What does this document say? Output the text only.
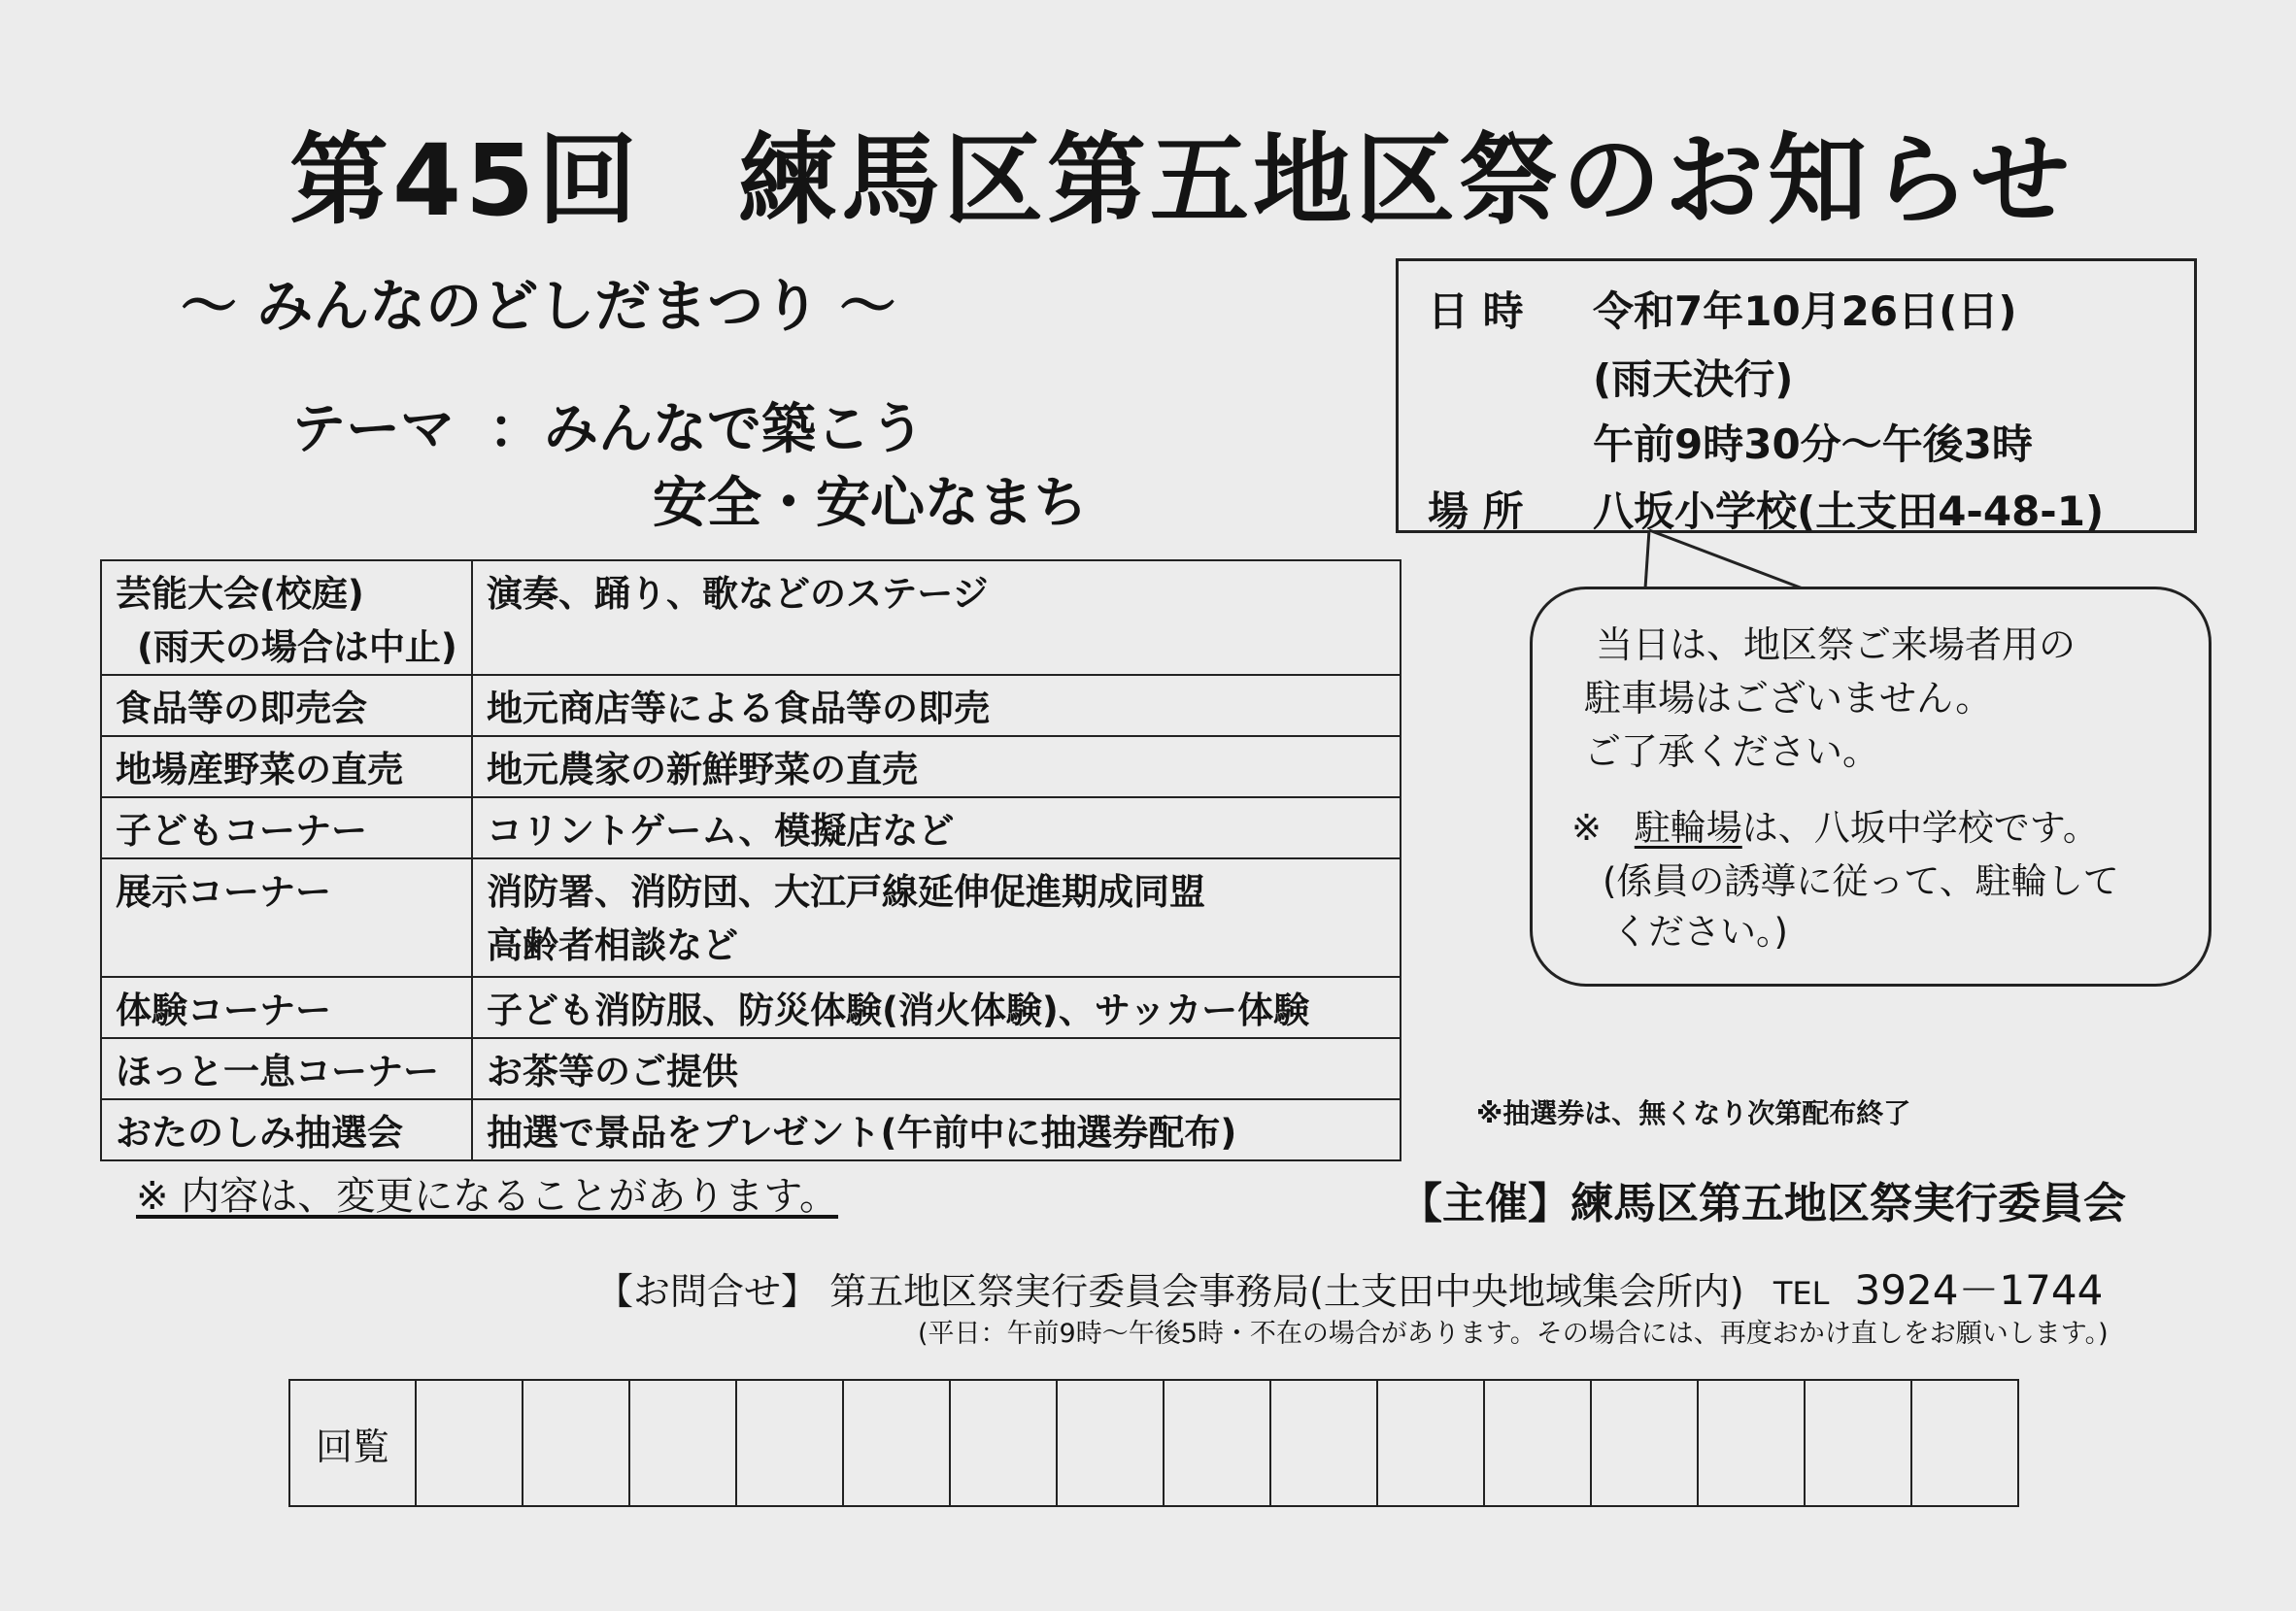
第45回 練馬区第五地区祭のお知らせ
～ みんなのどしだまつり ～
テーマ ： みんなで築こう
安全・安心なまち
日 時 令和7年10月26日(日)
(雨天決行)
午前9時30分～午後3時
場 所 八坂小学校(土支田4-48-1)
芸能大会(校庭)
(雨天の場合は中止)	演奏、踊り、歌などのステージ

食品等の即売会	地元商店等による食品等の即売
地場産野菜の直売	地元農家の新鮮野菜の直売
子どもコーナー	コリントゲーム、模擬店など
展示コーナー	消防署、消防団、大江戸線延伸促進期成同盟
高齢者相談など

体験コーナー	子ども消防服、防災体験(消火体験)、サッカー体験
ほっと一息コーナー	お茶等のご提供
おたのしみ抽選会	抽選で景品をプレゼント(午前中に抽選券配布)	※抽選券は、無くなり次第配布終了
当日は、地区祭ご来場者用の
駐車場はございません。
ご了承ください。
※ 駐輪場は、八坂中学校です。
(係員の誘導に従って、駐輪して
ください。)
※ 内容は、変更になることがあります。	【主催】練馬区第五地区祭実行委員会
【お問合せ】 第五地区祭実行委員会事務局(土支田中央地域集会所内) TEL 3924－1744
(平日：午前9時～午後5時・不在の場合があります。その場合には、再度おかけ直しをお願いします。)
回覧															
